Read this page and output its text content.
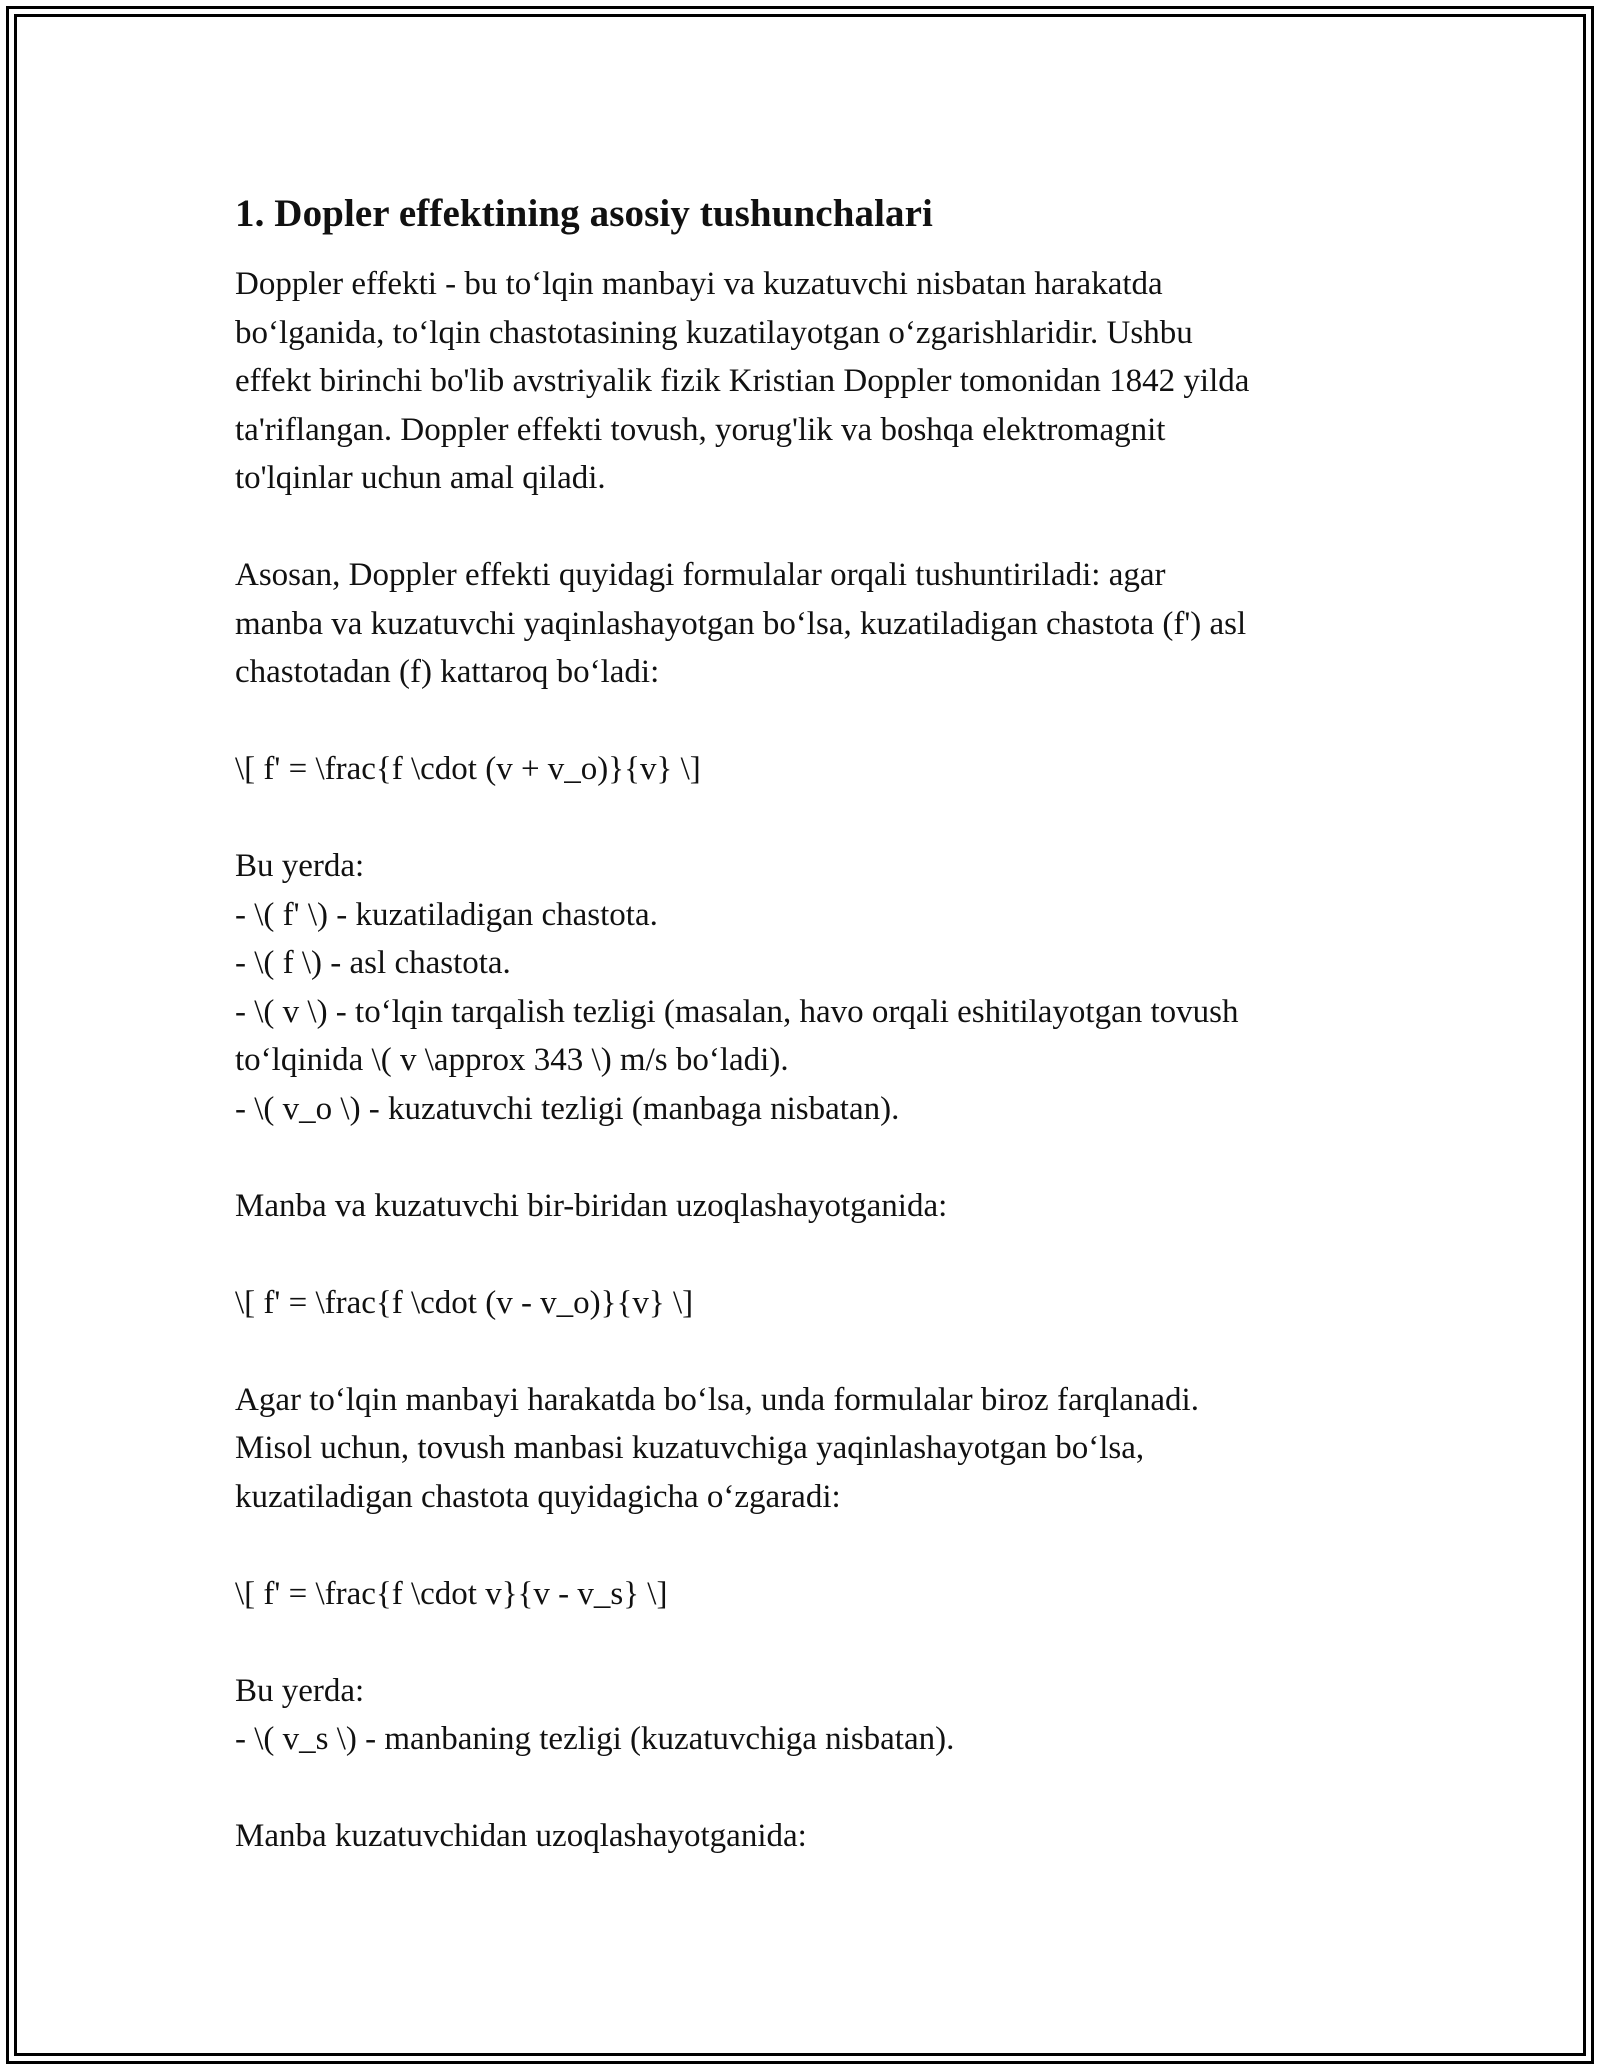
1. Dopler effektining asosiy tushunchalari

Doppler effekti - bu to‘lqin manbayi va kuzatuvchi nisbatan harakatda
bo‘lganida, to‘lqin chastotasining kuzatilayotgan o‘zgarishlaridir. Ushbu
effekt birinchi bo'lib avstriyalik fizik Kristian Doppler tomonidan 1842 yilda
ta'riflangan. Doppler effekti tovush, yorug'lik va boshqa elektromagnit
to'lqinlar uchun amal qiladi.

Asosan, Doppler effekti quyidagi formulalar orqali tushuntiriladi: agar
manba va kuzatuvchi yaqinlashayotgan bo‘lsa, kuzatiladigan chastota (f') asl
chastotadan (f) kattaroq bo‘ladi:

\[ f' = \frac{f \cdot (v + v_o)}{v} \]

Bu yerda:
- \( f' \) - kuzatiladigan chastota.
- \( f \) - asl chastota.
- \( v \) - to‘lqin tarqalish tezligi (masalan, havo orqali eshitilayotgan tovush
to‘lqinida \( v \approx 343 \) m/s bo‘ladi).
- \( v_o \) - kuzatuvchi tezligi (manbaga nisbatan).

Manba va kuzatuvchi bir-biridan uzoqlashayotganida:

\[ f' = \frac{f \cdot (v - v_o)}{v} \]

Agar to‘lqin manbayi harakatda bo‘lsa, unda formulalar biroz farqlanadi.
Misol uchun, tovush manbasi kuzatuvchiga yaqinlashayotgan bo‘lsa,
kuzatiladigan chastota quyidagicha o‘zgaradi:

\[ f' = \frac{f \cdot v}{v - v_s} \]

Bu yerda:
- \( v_s \) - manbaning tezligi (kuzatuvchiga nisbatan).

Manba kuzatuvchidan uzoqlashayotganida:
